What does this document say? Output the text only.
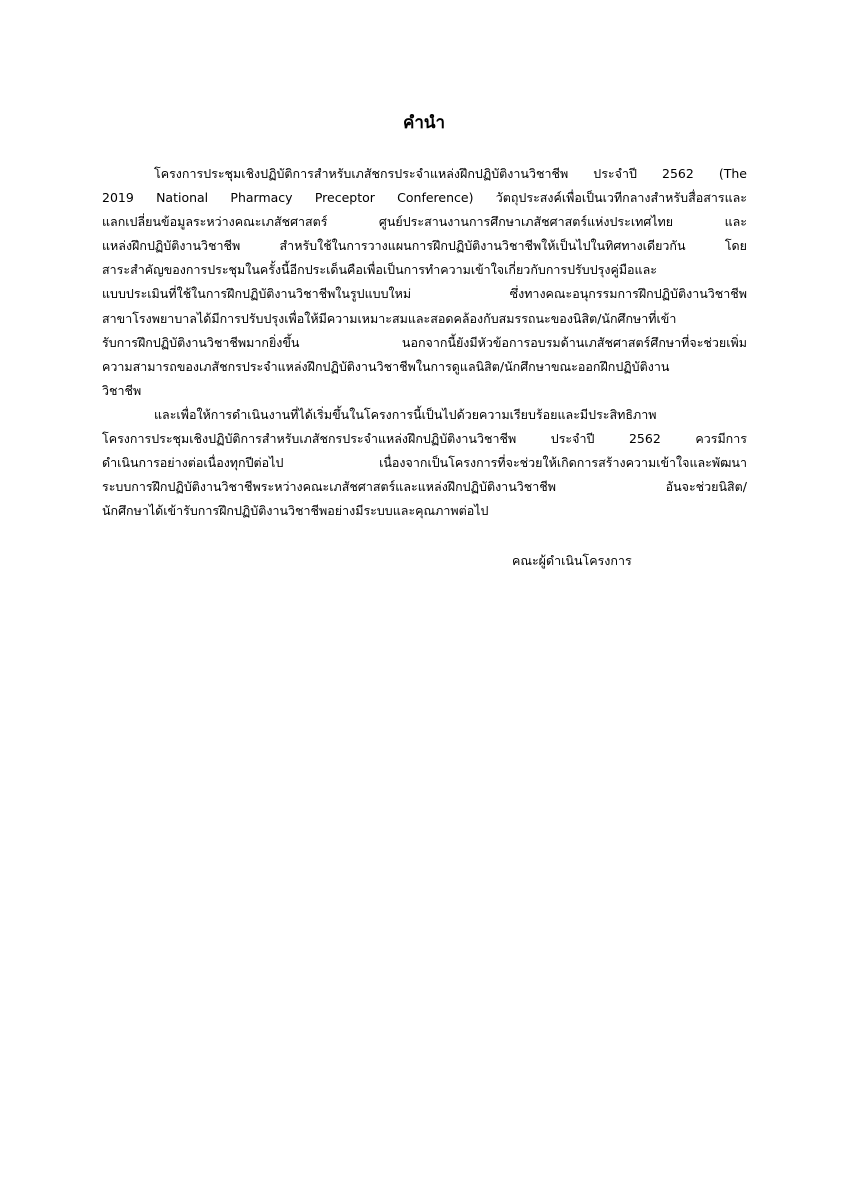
คำนำ
โครงการประชุมเชิงปฏิบัติการสำหรับเภสัชกรประจำแหล่งฝึกปฏิบัติงานวิชาชีพ ประจำปี 2562 (The
2019 National Pharmacy Preceptor Conference) วัตถุประสงค์เพื่อเป็นเวทีกลางสำหรับสื่อสารและ
แลกเปลี่ยนข้อมูลระหว่างคณะเภสัชศาสตร์ ศูนย์ประสานงานการศึกษาเภสัชศาสตร์แห่งประเทศไทย และ
แหล่งฝึกปฏิบัติงานวิชาชีพ สำหรับใช้ในการวางแผนการฝึกปฏิบัติงานวิชาชีพให้เป็นไปในทิศทางเดียวกัน โดย
สาระสำคัญของการประชุมในครั้งนี้อีกประเด็นคือเพื่อเป็นการทำความเข้าใจเกี่ยวกับการปรับปรุงคู่มือและ
แบบประเมินที่ใช้ในการฝึกปฏิบัติงานวิชาชีพในรูปแบบใหม่ ซึ่งทางคณะอนุกรรมการฝึกปฏิบัติงานวิชาชีพ
สาขาโรงพยาบาลได้มีการปรับปรุงเพื่อให้มีความเหมาะสมและสอดคล้องกับสมรรถนะของนิสิต/นักศึกษาที่เข้า
รับการฝึกปฏิบัติงานวิชาชีพมากยิ่งขึ้น นอกจากนี้ยังมีหัวข้อการอบรมด้านเภสัชศาสตร์ศึกษาที่จะช่วยเพิ่ม
ความสามารถของเภสัชกรประจำแหล่งฝึกปฏิบัติงานวิชาชีพในการดูแลนิสิต/นักศึกษาขณะออกฝึกปฏิบัติงาน
วิชาชีพ
และเพื่อให้การดำเนินงานที่ได้เริ่มขึ้นในโครงการนี้เป็นไปด้วยความเรียบร้อยและมีประสิทธิภาพ
โครงการประชุมเชิงปฏิบัติการสำหรับเภสัชกรประจำแหล่งฝึกปฏิบัติงานวิชาชีพ ประจำปี 2562 ควรมีการ
ดำเนินการอย่างต่อเนื่องทุกปีต่อไป เนื่องจากเป็นโครงการที่จะช่วยให้เกิดการสร้างความเข้าใจและพัฒนา
ระบบการฝึกปฏิบัติงานวิชาชีพระหว่างคณะเภสัชศาสตร์และแหล่งฝึกปฏิบัติงานวิชาชีพ อันจะช่วยนิสิต/
นักศึกษาได้เข้ารับการฝึกปฏิบัติงานวิชาชีพอย่างมีระบบและคุณภาพต่อไป
คณะผู้ดำเนินโครงการ
